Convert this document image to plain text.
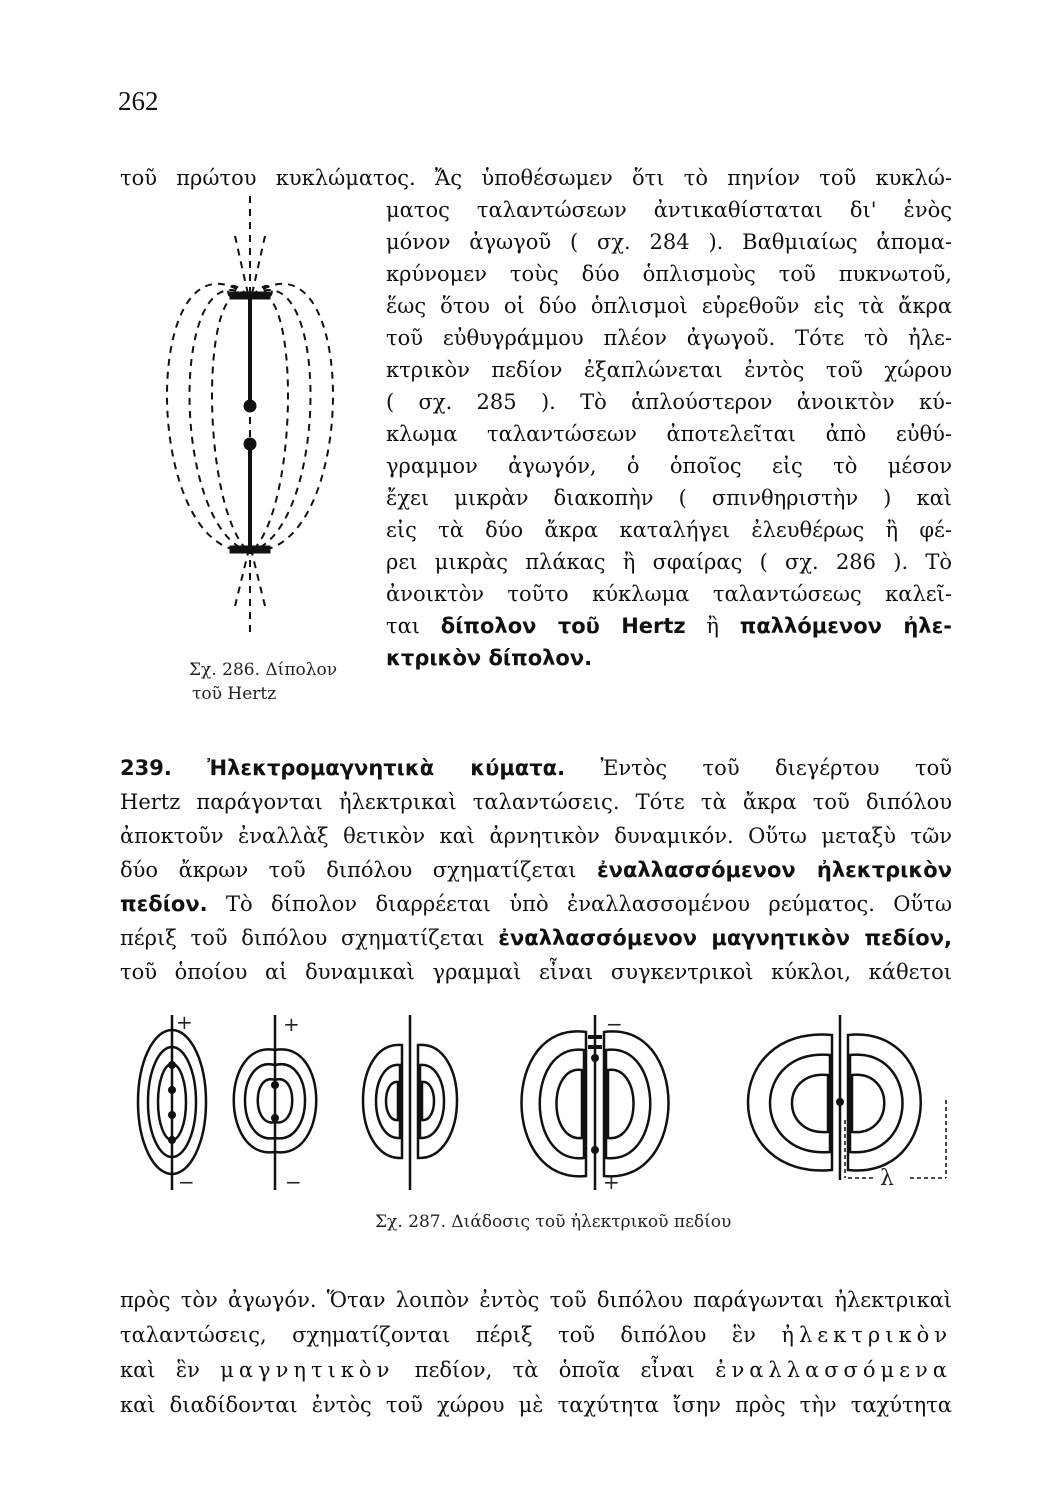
262
τοῦ πρώτου κυκλώματος. Ἄς ὑποθέσωμεν ὅτι τὸ πηνίον τοῦ κυκλώ-
ματος ταλαντώσεων ἀντικαθίσταται δι' ἑνὸς
μόνον ἀγωγοῦ ( σχ. 284 ). Βαθμιαίως ἀπομα-
κρύνομεν τοὺς δύο ὁπλισμοὺς τοῦ πυκνωτοῦ,
ἕως ὅτου οἱ δύο ὁπλισμοὶ εὑρεθοῦν εἰς τὰ ἄκρα
τοῦ εὐθυγράμμου πλέον ἀγωγοῦ. Τότε τὸ ἠλε-
κτρικὸν πεδίον ἐξαπλώνεται ἐντὸς τοῦ χώρου
( σχ. 285 ). Τὸ ἁπλούστερον ἀνοικτὸν κύ-
κλωμα ταλαντώσεων ἀποτελεῖται ἀπὸ εὐθύ-
γραμμον ἀγωγόν, ὁ ὁποῖος εἰς τὸ μέσον
ἔχει μικρὰν διακοπὴν ( σπινθηριστὴν ) καὶ
εἰς τὰ δύο ἄκρα καταλήγει ἐλευθέρως ἢ φέ-
ρει μικρὰς πλάκας ἢ σφαίρας ( σχ. 286 ). Τὸ
ἀνοικτὸν τοῦτο κύκλωμα ταλαντώσεως καλεῖ-
ται δίπολον τοῦ Hertz ἢ παλλόμενον ἠλε-
κτρικὸν δίπολον.
Σχ. 286. Δίπολον
τοῦ Hertz
239. Ἠλεκτρομαγνητικὰ κύματα. Ἐντὸς τοῦ διεγέρτου τοῦ
Hertz παράγονται ἠλεκτρικαὶ ταλαντώσεις. Τότε τὰ ἄκρα τοῦ διπόλου
ἀποκτοῦν ἐναλλὰξ θετικὸν καὶ ἀρνητικὸν δυναμικόν. Οὕτω μεταξὺ τῶν
δύο ἄκρων τοῦ διπόλου σχηματίζεται ἐναλλασσόμενον ἠλεκτρικὸν
πεδίον. Τὸ δίπολον διαρρέεται ὑπὸ ἐναλλασσομένου ρεύματος. Οὕτω
πέριξ τοῦ διπόλου σχηματίζεται ἐναλλασσόμενον μαγνητικὸν πεδίον,
τοῦ ὁποίου αἱ δυναμικαὶ γραμμαὶ εἶναι συγκεντρικοὶ κύκλοι, κάθετοι
+	+	−
−	−	+	λ
Σχ. 287. Διάδοσις τοῦ ἠλεκτρικοῦ πεδίου
πρὸς τὸν ἀγωγόν. Ὅταν λοιπὸν ἐντὸς τοῦ διπόλου παράγωνται ἠλεκτρικαὶ
ταλαντώσεις, σχηματίζονται πέριξ τοῦ διπόλου ἓν ἠλεκτρικὸν
καὶ ἓν μαγνητικὸν πεδίον, τὰ ὁποῖα εἶναι ἐναλλασσόμενα
καὶ διαδίδονται ἐντὸς τοῦ χώρου μὲ ταχύτητα ἴσην πρὸς τὴν ταχύτητα
